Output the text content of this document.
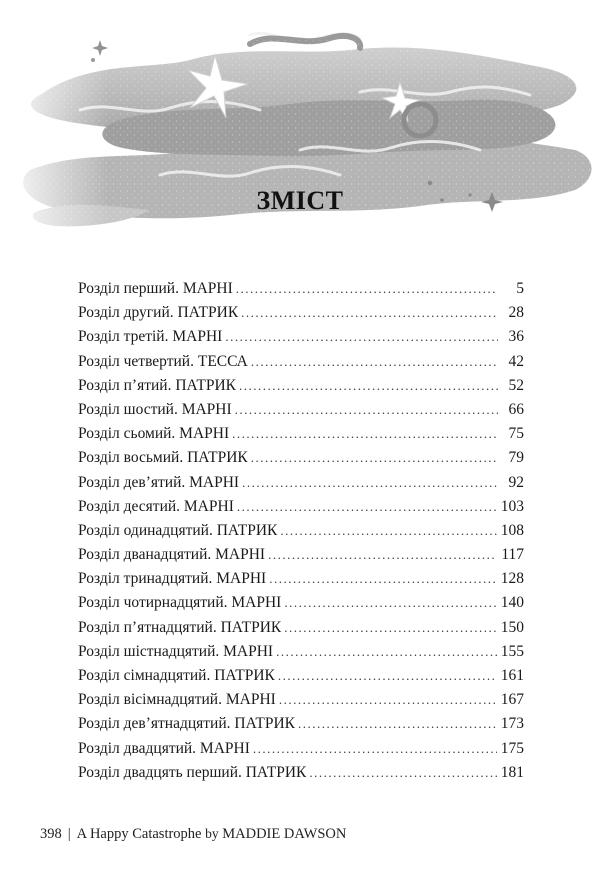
ЗМІСТ
Розділ перший. МАРНІ .....	5
Розділ другий. ПАТРИК .....	28
Розділ третій. МАРНІ .....	36
Розділ четвертий. ТЕССА .....	42
Розділ п’ятий. ПАТРИК .....	52
Розділ шостий. МАРНІ .....	66
Розділ сьомий. МАРНІ .....	75
Розділ восьмий. ПАТРИК .....	79
Розділ дев’ятий. МАРНІ .....	92
Розділ десятий. МАРНІ .....	103
Розділ одинадцятий. ПАТРИК .....	108
Розділ дванадцятий. МАРНІ .....	117
Розділ тринадцятий. МАРНІ .....	128
Розділ чотирнадцятий. МАРНІ .....	140
Розділ п’ятнадцятий. ПАТРИК .....	150
Розділ шістнадцятий. МАРНІ .....	155
Розділ сімнадцятий. ПАТРИК .....	161
Розділ вісімнадцятий. МАРНІ .....	167
Розділ дев’ятнадцятий. ПАТРИК .....	173
Розділ двадцятий. МАРНІ .....	175
Розділ двадцять перший. ПАТРИК .....	181
398 | A Happy Catastrophe by MADDIE DAWSON
